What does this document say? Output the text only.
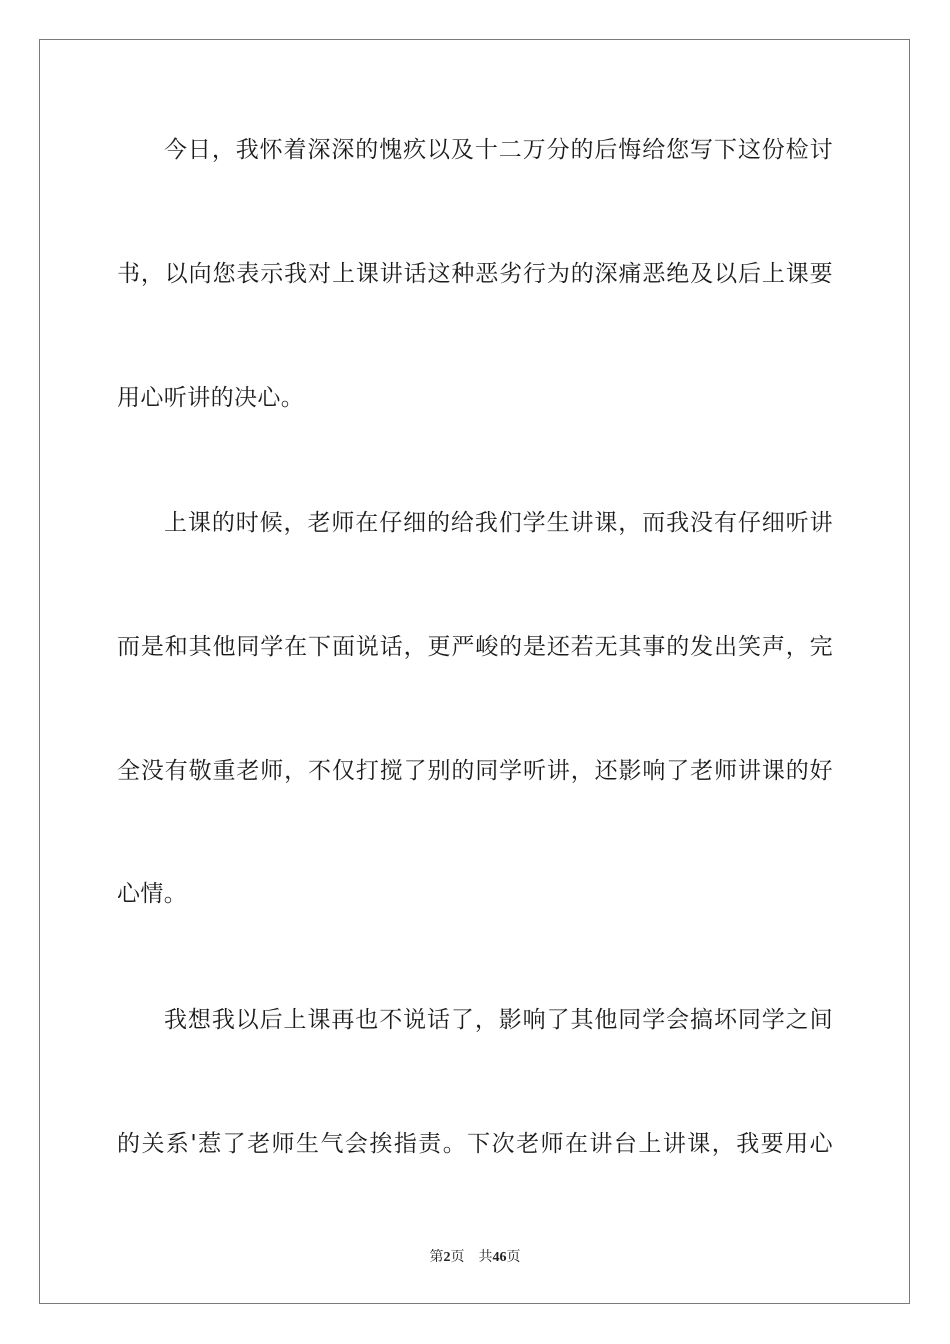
今日，我怀着深深的愧疚以及十二万分的后悔给您写下这份检讨
书，以向您表示我对上课讲话这种恶劣行为的深痛恶绝及以后上课要
用心听讲的决心。
上课的时候，老师在仔细的给我们学生讲课，而我没有仔细听讲
而是和其他同学在下面说话，更严峻的是还若无其事的发出笑声，完
全没有敬重老师，不仅打搅了别的同学听讲，还影响了老师讲课的好
心情。
我想我以后上课再也不说话了，影响了其他同学会搞坏同学之间
的关系'惹了老师生气会挨指责。下次老师在讲台上讲课，我要用心
第2页 共46页
